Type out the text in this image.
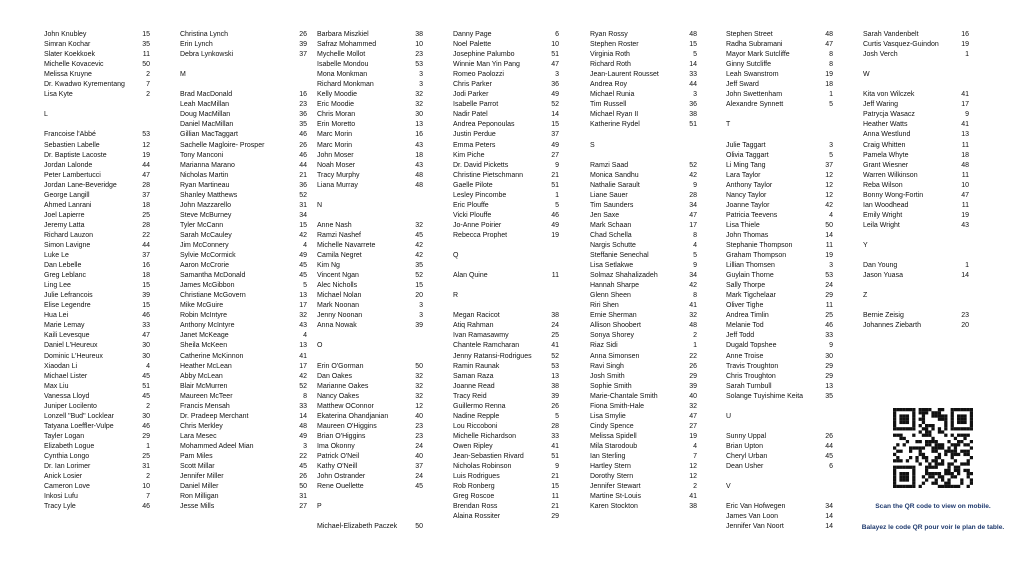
John Knubley	15
Simran Kochar	35
Slater Koekkoek	11
Michelle Kovacevic	50
Melissa Kruyne	2
Dr. Kwadwo Kyrementang	7
Lisa Kyte	2
L
Francoise l'Abbé	53
Sebastien Labelle	12
Dr. Baptiste Lacoste	19
Jordan Lalonde	44
Peter Lambertucci	47
Jordan Lane-Beveridge	28
George Langill	37
Ahmed Lanrani	18
Joel Lapierre	25
Jeremy Latta	28
Richard Lauzon	22
Simon Lavigne	44
Luke Le	37
Dan Lebelle	16
Greg Leblanc	18
Ling Lee	15
Julie Lefrancois	39
Elise Legendre	15
Hua Lei	46
Marie Lemay	33
Kaili Levesque	47
Daniel L'Heureux	30
Dominic L'Heureux	30
Xiaodan Li	4
Michael Lister	45
Max Liu	51
Vanessa Lloyd	45
Juniper Locilento	2
Lonzell "Bud" Locklear	30
Tatyana Loeffler-Vulpe	46
Tayler Logan	29
Elizabeth Logue	1
Cynthia Longo	25
Dr. Ian Lorimer	31
Anick Losier	2
Cameron Love	10
Inkosi Lufu	7
Tracy Lyle	46
Christina Lynch	26
Erin Lynch	39
Debra Lynkowski	37
M
Brad MacDonald	16
Leah MacMillan	23
Doug MacMillan	36
Daniel MacMillan	35
Gillian MacTaggart	46
Sachelle Magloire- Prosper	26
Tony Manconi	46
Marianna Marano	44
Nicholas Martin	21
Ryan Martineau	36
Shanley Matthews	52
John Mazzarello	31
Steve McBurney	34
Tyler McCann	15
Sarah McCauley	42
Jim McConnery	4
Sylvie McCormick	49
Aaron McCrorie	45
Samantha McDonald	45
James McGibbon	5
Christiane McGovern	13
Mike McGuire	17
Robin McIntyre	32
Anthony McIntyre	43
Janet McKeage	4
Sheila McKeen	13
Catherine McKinnon	41
Heather McLean	17
Abby McLean	42
Blair McMurren	52
Maureen McTeer	8
Francis Mensah	33
Dr. Pradeep Merchant	14
Chris Merkley	48
Lara Mesec	49
Mohammed Adeel Mian	3
Pam Miles	22
Scott Millar	45
Jennifer Miller	26
Daniel Miller	50
Ron Milligan	31
Jesse Mills	27
Barbara Miszkiel	38
Safraz Mohammed	10
Mychelle Mollot	23
Isabelle Mondou	53
Mona Monkman	3
Richard Monkman	3
Kelly Moodie	32
Eric Moodie	32
Chris Moran	30
Erin Moretto	13
Marc Morin	16
Marc Morin	43
John Moser	18
Noah Moser	43
Tracy Murphy	48
Liana Murray	48
N
Anne Nash	32
Ramzi Nashef	45
Michelle Navarrete	42
Camila Negret	42
Kim Ng	35
Vincent Ngan	52
Alec Nicholls	15
Michael Nolan	20
Mark Noonan	3
Jenny Noonan	3
Anna Nowak	39
O
Erin O'Gorman	50
Dan Oakes	32
Marianne Oakes	32
Nancy Oakes	32
Matthew OConnor	12
Ekaterina Ohandjanian	40
Maureen O'Higgins	23
Brian O'Higgins	23
Ima Okonny	24
Patrick O'Neil	40
Kathy O'Neill	37
John Ostrander	24
Rene Ouellette	45
P
Michael-Elizabeth Paczek	50
Danny Page	6
Noel Palette	10
Josephine Palumbo	51
Winnie Man Yin Pang	47
Romeo Paolozzi	3
Chris Parker	36
Jodi Parker	49
Isabelle Parrot	52
Nadir Patel	14
Andrea Peponoulas	15
Justin Perdue	37
Emma Peters	49
Kim Piche	27
Dr. David Picketts	9
Christine Pietschmann	21
Gaelle Pilote	51
Lesley Pincombe	1
Eric Plouffe	5
Vicki Plouffe	46
Jo-Anne Poirier	49
Rebecca Prophet	19
Q
Alan Quine	11
R
Megan Racicot	38
Atiq Rahman	24
Ivan Ramasawmy	25
Chantele Ramcharan	41
Jenny Ratansi-Rodrigues	52
Ramin Raunak	53
Saman Raza	13
Joanne Read	38
Tracy Reid	39
Guillermo Renna	26
Nadine Repple	5
Lou Riccoboni	28
Michelle Richardson	33
Owen Ripley	41
Jean-Sebastien Rivard	51
Nicholas Robinson	9
Luis Rodrigues	21
Rob Ronberg	15
Greg Roscoe	11
Brendan Ross	21
Alaina Rossiter	29
Ryan Rossy	48
Stephen Roster	15
Virginia Roth	5
Richard Roth	14
Jean-Laurent Rousset	33
Andrea Roy	44
Michael Runia	3
Tim Russell	36
Michael Ryan II	38
Katherine Rydel	51
S
Ramzi Saad	52
Monica Sandhu	42
Nathalie Sarault	9
Liane Sauer	28
Tim Saunders	34
Jen Saxe	47
Mark Schaan	17
Chad Schella	8
Nargis Schutte	4
Steffanie Senechal	5
Lisa Setlakwe	9
Solmaz Shahalizadeh	34
Hannah Sharpe	42
Glenn Sheen	8
Riri Shen	41
Ernie Sherman	32
Allison Shoobert	48
Sonya Shorey	2
Riaz Sidi	1
Anna Simonsen	22
Ravi Singh	26
Josh Smith	29
Sophie Smith	39
Marie-Chantale Smith	40
Fiona Smith-Hale	32
Lisa Smylie	47
Cindy Spence	27
Melissa Spidell	19
Mila Starodoub	4
Ian Sterling	7
Hartley Stern	12
Dorothy Stern	12
Jennifer Stewart	2
Martine St-Louis	41
Karen Stockton	38
Stephen Street	48
Radha Subramani	47
Mayor Mark Sutcliffe	8
Ginny Sutcliffe	8
Leah Swanstrom	19
Jeff Sward	18
John Swettenham	1
Alexandre Synnett	5
T
Julie Taggart	3
Olivia Taggart	5
Li Ming Tang	37
Lara Taylor	12
Anthony Taylor	12
Nancy Taylor	12
Joanne Taylor	42
Patricia Teevens	4
Lisa Thiele	50
John Thomas	14
Stephanie Thompson	11
Graham Thompson	19
Lillian Thomsen	3
Guylain Thorne	53
Sally Thorpe	24
Mark Tigchelaar	29
Oliver Tighe	11
Andrea Timlin	25
Melanie Tod	46
Jeff Todd	33
Dugald Topshee	9
Anne Troise	30
Travis Troughton	29
Chris Troughton	29
Sarah Turnbull	13
Solange Tuyishime Keita	35
U
Sunny Uppal	26
Brian Upton	44
Cheryl Urban	45
Dean Usher	6
V
Eric Van Hofwegen	34
James Van Loon	14
Jennifer Van Noort	14
Sarah Vandenbelt	16
Curtis Vasquez-Guindon	19
Josh Verch	1
W
Kita von Wilczek	41
Jeff Waring	17
Patrycja Wasacz	9
Heather Watts	41
Anna Westlund	13
Craig Whitten	11
Pamela Whyte	18
Grant Wiesner	48
Warren Wilkinson	11
Reba Wilson	10
Bonny Wong-Fortin	47
Ian Woodhead	11
Emily Wright	19
Leila Wright	43
Y
Dan Young	1
Jason Yuasa	14
Z
Bernie Zeisig	23
Johannes Ziebarth	20
Scan the QR code to view on mobile.
Balayez le code QR pour voir le plan de table.
